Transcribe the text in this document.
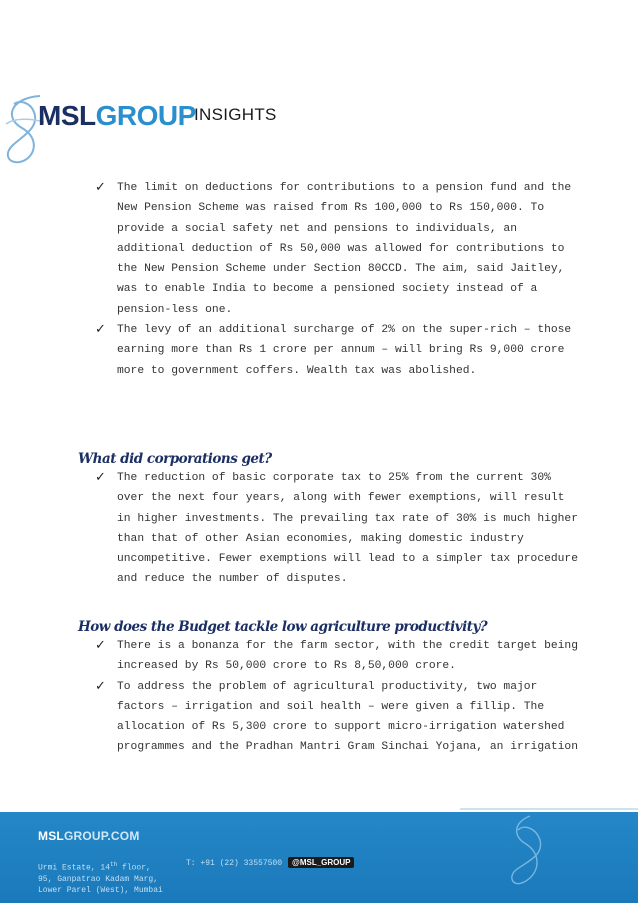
MSLGROUP
INSIGHTS
✓ The limit on deductions for contributions to a pension fund and the
New Pension Scheme was raised from Rs 100,000 to Rs 150,000. To
provide a social safety net and pensions to individuals, an
additional deduction of Rs 50,000 was allowed for contributions to
the New Pension Scheme under Section 80CCD. The aim, said Jaitley,
was to enable India to become a pensioned society instead of a
pension-less one.
✓ The levy of an additional surcharge of 2% on the super-rich – those
earning more than Rs 1 crore per annum – will bring Rs 9,000 crore
more to government coffers. Wealth tax was abolished.
What did corporations get?
✓ The reduction of basic corporate tax to 25% from the current 30%
over the next four years, along with fewer exemptions, will result
in higher investments. The prevailing tax rate of 30% is much higher
than that of other Asian economies, making domestic industry
uncompetitive. Fewer exemptions will lead to a simpler tax procedure
and reduce the number of disputes.
How does the Budget tackle low agriculture productivity?
✓ There is a bonanza for the farm sector, with the credit target being
increased by Rs 50,000 crore to Rs 8,50,000 crore.
✓ To address the problem of agricultural productivity, two major
factors – irrigation and soil health – were given a fillip. The
allocation of Rs 5,300 crore to support micro-irrigation watershed
programmes and the Pradhan Mantri Gram Sinchai Yojana, an irrigation
MSLGROUP.COM
Urmi Estate, 14th floor,
95, Ganpatrao Kadam Marg,
Lower Parel (West), Mumbai
T: +91 (22) 33557500	@MSL_GROUP
